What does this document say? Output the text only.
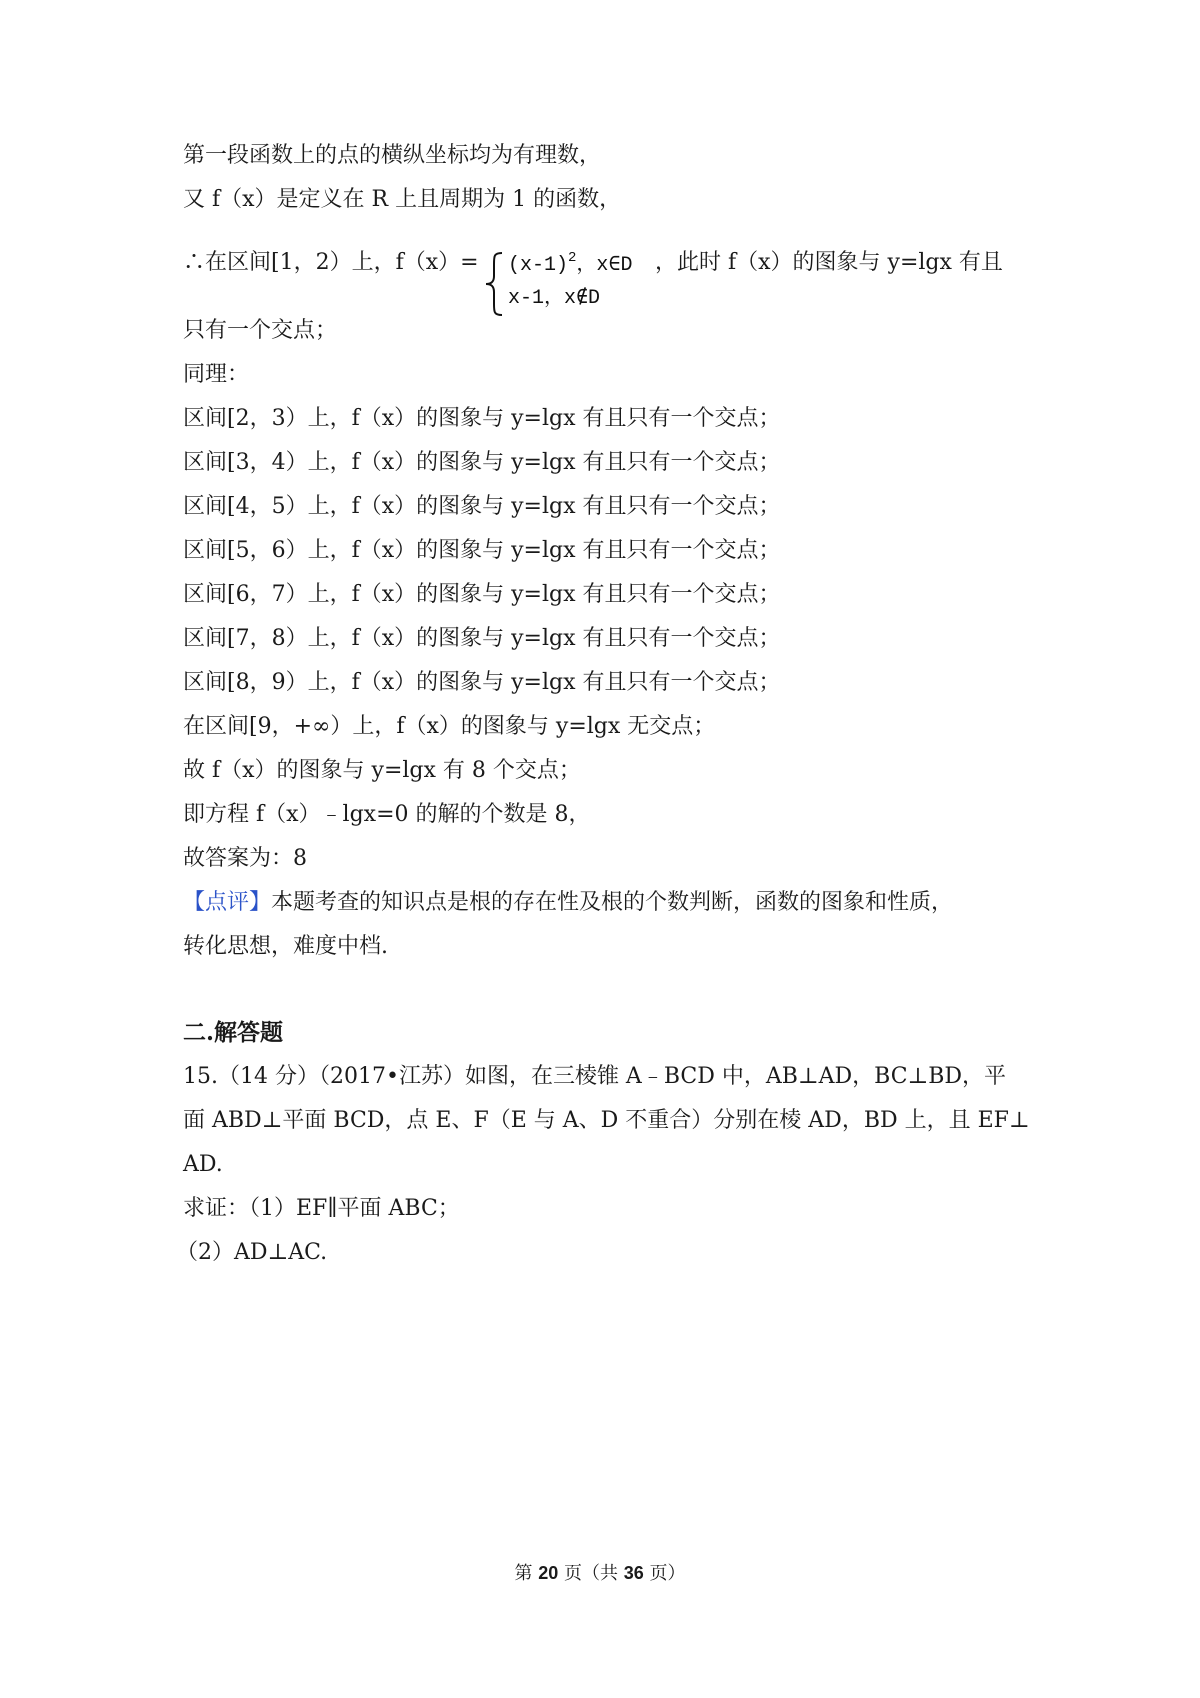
第一段函数上的点的横纵坐标均为有理数，
又 f（x）是定义在 R 上且周期为 1 的函数，
∴在区间[1，2）上，$f(x)= (x-1)^2$，x∈D
x-1，x∉D
，此时 f（x）的图象与 y=lgx 有且
只有一个交点；
同理：
区间[2，3）上，f（x）的图象与 y=lgx 有且只有一个交点；
区间[3，4）上，f（x）的图象与 y=lgx 有且只有一个交点；
区间[4，5）上，f（x）的图象与 y=lgx 有且只有一个交点；
区间[5，6）上，f（x）的图象与 y=lgx 有且只有一个交点；
区间[6，7）上，f（x）的图象与 y=lgx 有且只有一个交点；
区间[7，8）上，f（x）的图象与 y=lgx 有且只有一个交点；
区间[8，9）上，f（x）的图象与 y=lgx 有且只有一个交点；
在区间[9，+∞）上，f（x）的图象与 y=lgx 无交点；
故 f（x）的图象与 y=lgx 有 8 个交点；
即方程 f（x）﹣lgx=0 的解的个数是 8，
故答案为：8
【点评】本题考查的知识点是根的存在性及根的个数判断，函数的图象和性质，
转化思想，难度中档.
二.解答题
15.（14 分）（2017•江苏）如图，在三棱锥 A﹣BCD 中，AB⊥AD，BC⊥BD，平
面 ABD⊥平面 BCD，点 E、F（E 与 A、D 不重合）分别在棱 AD，BD 上，且 EF⊥
AD.
求证：（1）EF∥平面 ABC；
（2）AD⊥AC.
第 20 页（共 36 页）
